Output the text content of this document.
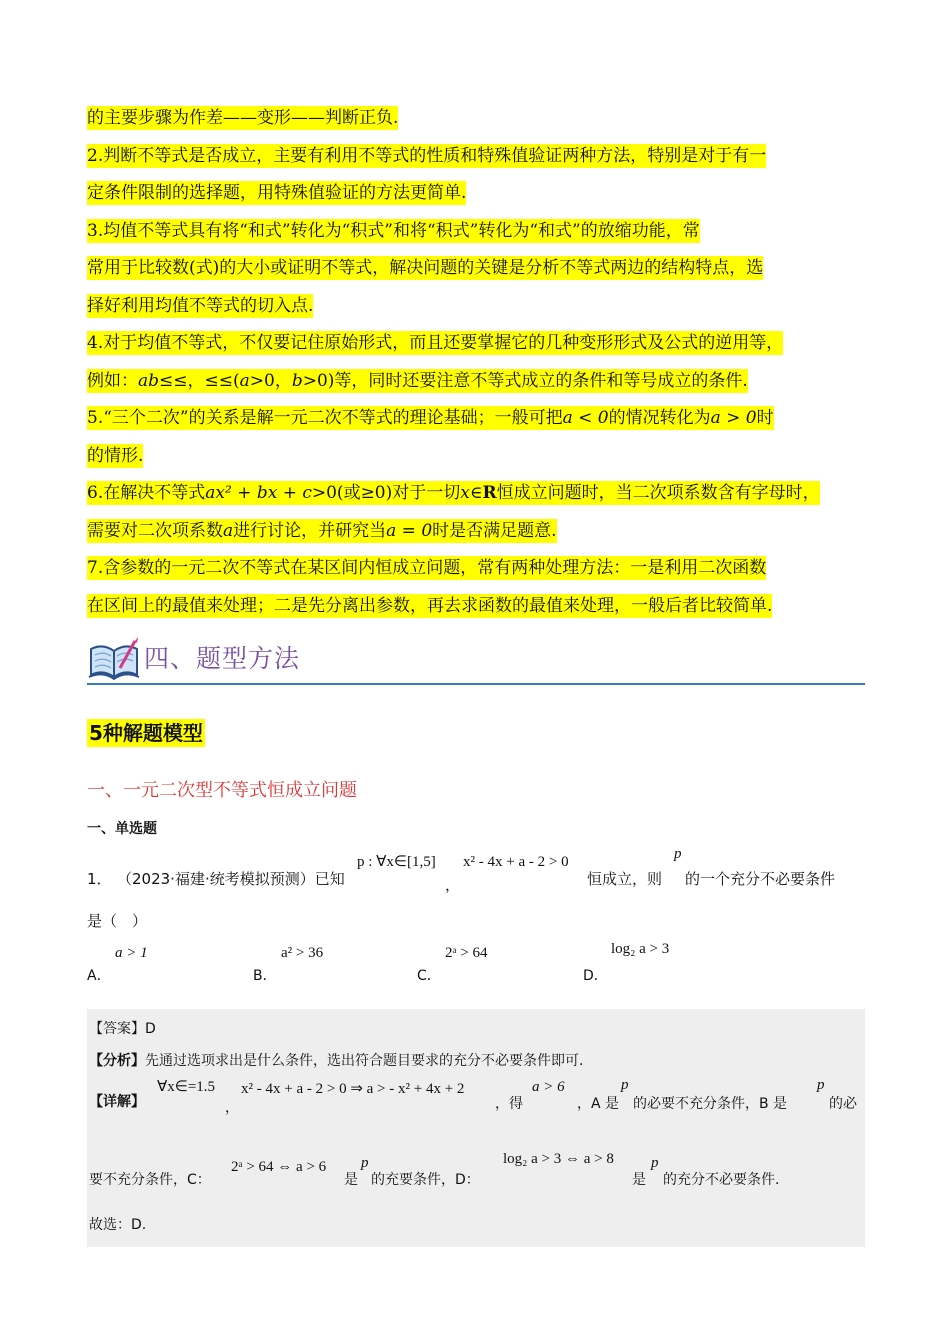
的主要步骤为作差——变形——判断正负.

2.判断不等式是否成立，主要有利用不等式的性质和特殊值验证两种方法，特别是对于有一
定条件限制的选择题，用特殊值验证的方法更简单.

3.均值不等式具有将“和式”转化为“积式”和将“积式”转化为“和式”的放缩功能，常
常用于比较数(式)的大小或证明不等式，解决问题的关键是分析不等式两边的结构特点，选
择好利用均值不等式的切入点.

4.对于均值不等式，不仅要记住原始形式，而且还要掌握它的几种变形形式及公式的逆用等，
例如：ab≤≤，≤≤(a>0，b>0)等，同时还要注意不等式成立的条件和等号成立的条件.

5.“三个二次”的关系是解一元二次不等式的理论基础；一般可把a < 0的情况转化为a > 0时
的情形.

6.在解决不等式ax² + bx + c>0(或≥0)对于一切x∈R恒成立问题时，当二次项系数含有字母时，
需要对二次项系数a进行讨论，并研究当a = 0时是否满足题意.

7.含参数的一元二次不等式在某区间内恒成立问题，常有两种处理方法：一是利用二次函数
在区间上的最值来处理；二是先分离出参数，再去求函数的最值来处理，一般后者比较简单.

四、题型方法
5种解题模型
一、一元二次型不等式恒成立问题
一、单选题
1． （2023·福建·统考模拟预测）已知
p : ∀x∈[1,5]
，
x² - 4x + a - 2 > 0
恒成立，则
p
的一个充分不必要条件
是（　）
A．
a > 1
B．
a² > 36
C．
2ᵃ > 64
D．
log₂ a > 3
【答案】D
【分析】先通过选项求出是什么条件，选出符合题目要求的充分不必要条件即可.
【详解】
∀x∈=1.5
，
x² - 4x + a - 2 > 0 ⇒ a > - x² + 4x + 2
，得
a > 6
，A 是
p
的必要不充分条件，B 是
p
的必
要不充分条件，C：
2ᵃ > 64 ⇔ a > 6
是
p
的充要条件，D：
log₂ a > 3 ⇔ a > 8
是
p
的充分不必要条件.
故选：D.
